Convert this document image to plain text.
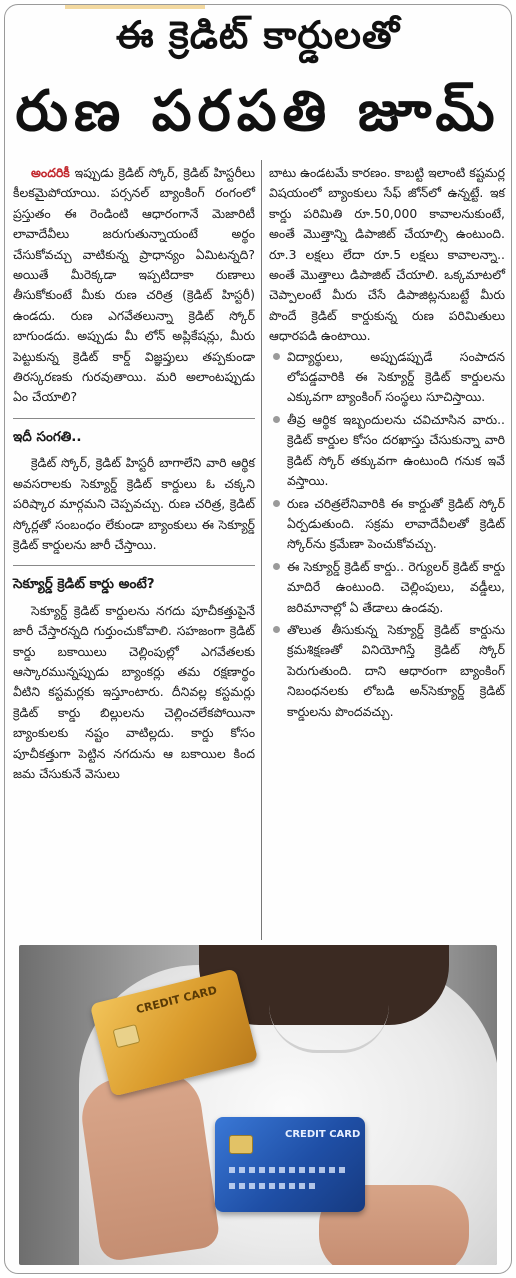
ఈ క్రెడిట్ కార్డులతో
రుణ పరపతి జూమ్

అందరికీ ఇప్పుడు క్రెడిట్ స్కోర్, క్రెడిట్ హిస్టరీలు కీలకమైపోయాయి. పర్సనల్ బ్యాంకింగ్ రంగంలో ప్రస్తుతం ఈ రెండింటి ఆధారంగానే మెజారిటీ లావాదేవీలు జరుగుతున్నాయంటే అర్థం చేసుకోవచ్చు వాటికున్న ప్రాధాన్యం ఏమిటన్నది? అయితే మీరెక్కడా ఇప్పటిదాకా రుణాలు తీసుకోకుంటే మీకు రుణ చరిత్ర (క్రెడిట్ హిస్టరీ) ఉండదు. రుణ ఎగవేతలున్నా క్రెడిట్ స్కోర్ బాగుండదు. అప్పుడు మీ లోన్ అప్లికేషన్లు, మీరు పెట్టుకున్న క్రెడిట్ కార్డ్ విజ్ఞప్తులు తప్పకుండా తిరస్కరణకు గురవుతాయి. మరి అలాంటప్పుడు ఏం చేయాలి?

ఇదీ సంగతి..

క్రెడిట్ స్కోర్, క్రెడిట్ హిస్టరీ బాగాలేని వారి ఆర్థిక అవసరాలకు సెక్యూర్డ్ క్రెడిట్ కార్డులు ఓ చక్కని పరిష్కార మార్గమని చెప్పవచ్చు. రుణ చరిత్ర, క్రెడిట్ స్కోర్లతో సంబంధం లేకుండా బ్యాంకులు ఈ సెక్యూర్డ్ క్రెడిట్ కార్డులను జారీ చేస్తాయి.

సెక్యూర్డ్ క్రెడిట్ కార్డు అంటే?

సెక్యూర్డ్ క్రెడిట్ కార్డులను నగదు పూచీకత్తుపైనే జారీ చేస్తారన్నది గుర్తుంచుకోవాలి. సహజంగా క్రెడిట్ కార్డు బకాయిలు చెల్లింపుల్లో ఎగవేతలకు ఆస్కారమున్నప్పుడు బ్యాంకర్లు తమ రక్షణార్థం వీటిని కస్టమర్లకు ఇస్తూంటారు. దీనివల్ల కస్టమర్లు క్రెడిట్ కార్డు బిల్లులను చెల్లించలేకపోయినా బ్యాంకులకు నష్టం వాటిల్లదు. కార్డు కోసం పూచీకత్తుగా పెట్టిన నగదును ఆ బకాయిల కింద జమ చేసుకునే వెసులు

బాటు ఉండటమే కారణం. కాబట్టి ఇలాంటి కష్టమర్ల విషయంలో బ్యాంకులు సేఫ్ జోన్‌లో ఉన్నట్టే. ఇక కార్డు పరిమితి రూ.50,000 కావాలనుకుంటే, అంతే మొత్తాన్ని డిపాజిట్ చేయాల్సి ఉంటుంది. రూ.3 లక్షలు లేదా రూ.5 లక్షలు కావాలన్నా.. అంతే మొత్తాలు డిపాజిట్ చేయాలి. ఒక్కమాటలో చెప్పాలంటే మీరు చేసే డిపాజిట్లనుబట్టే మీరు పొందే క్రెడిట్ కార్డుకున్న రుణ పరిమితులు ఆధారపడి ఉంటాయి.

విద్యార్థులు, అప్పుడప్పుడే సంపాదన లోపడ్డవారికి ఈ సెక్యూర్డ్ క్రెడిట్ కార్డులను ఎక్కువగా బ్యాంకింగ్ సంస్థలు సూచిస్తాయి.
తీవ్ర ఆర్థిక ఇబ్బందులను చవిచూసిన వారు.. క్రెడిట్ కార్డుల కోసం దరఖాస్తు చేసుకున్నా వారి క్రెడిట్ స్కోర్ తక్కువగా ఉంటుంది గనుక ఇవే వస్తాయి.
రుణ చరిత్రలేనివారికి ఈ కార్డుతో క్రెడిట్ స్కోర్ ఏర్పడుతుంది. సక్రమ లావాదేవీలతో క్రెడిట్ స్కోర్‌ను క్రమేణా పెంచుకోవచ్చు.
ఈ సెక్యూర్డ్ క్రెడిట్ కార్డు.. రెగ్యులర్ క్రెడిట్ కార్డు మాదిరే ఉంటుంది. చెల్లింపులు, వడ్డీలు, జరిమానాల్లో ఏ తేడాలు ఉండవు.
తొలుత తీసుకున్న సెక్యూర్డ్ క్రెడిట్ కార్డును క్రమశిక్షణతో వినియోగిస్తే క్రెడిట్ స్కోర్ పెరుగుతుంది. దాని ఆధారంగా బ్యాంకింగ్ నిబంధనలకు లోబడి అన్‌సెక్యూర్డ్ క్రెడిట్ కార్డులను పొందవచ్చు.
CREDIT CARD
CREDIT CARD
